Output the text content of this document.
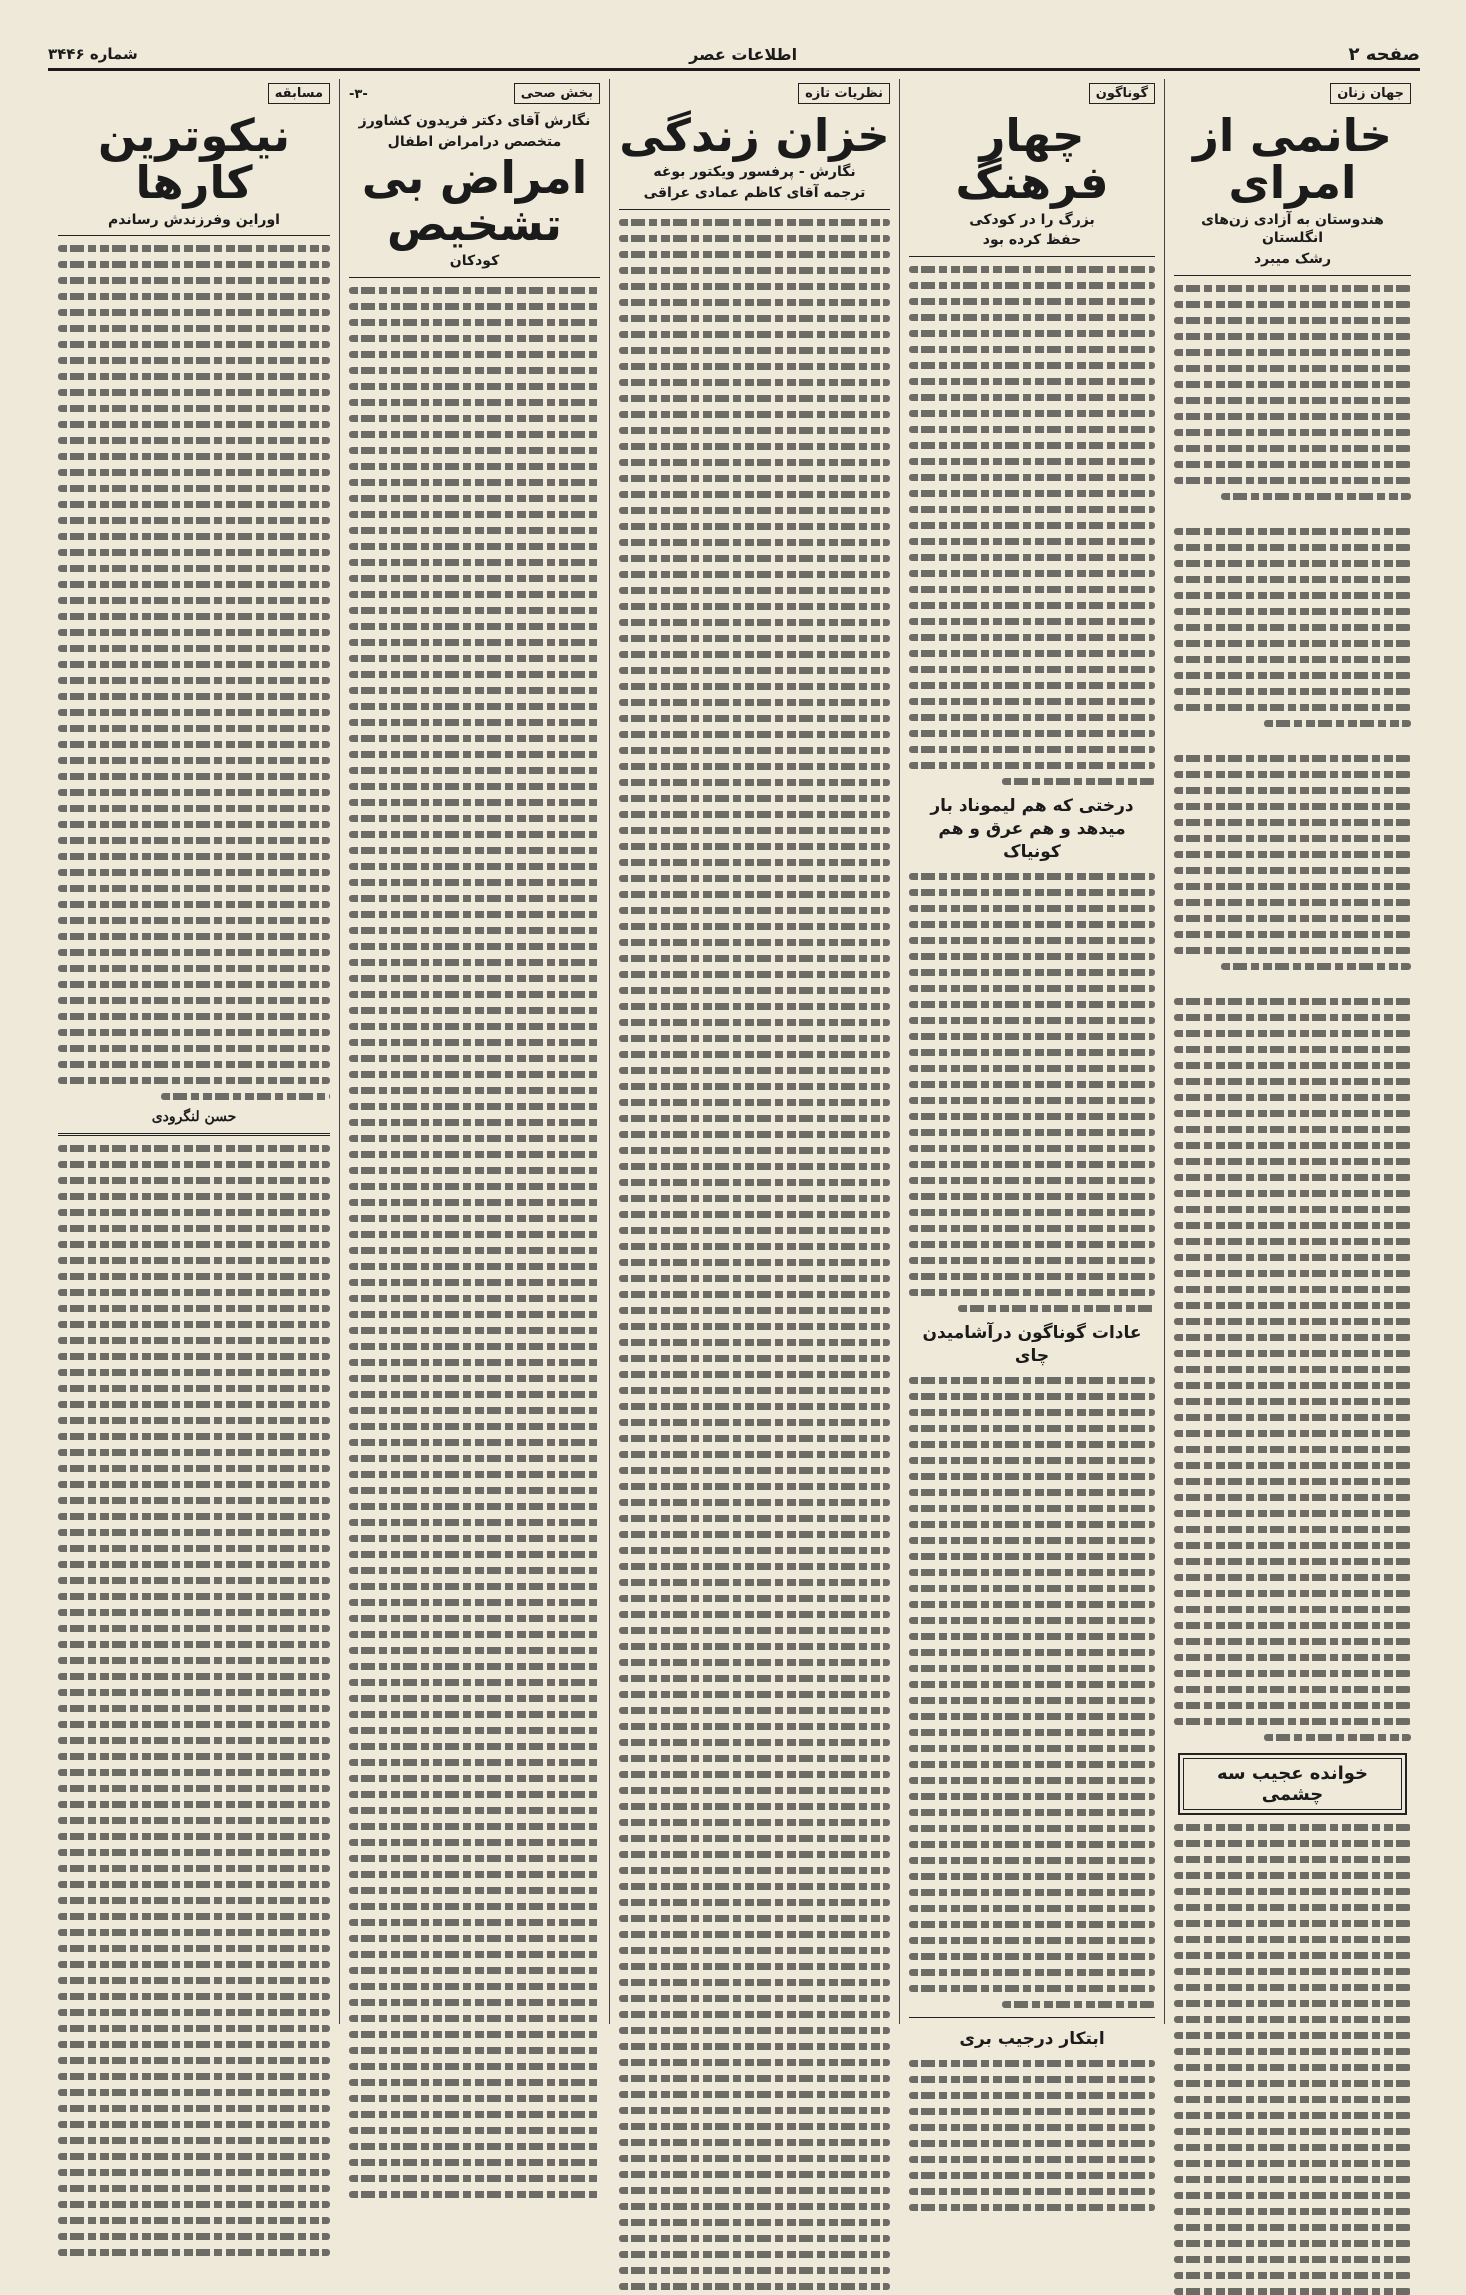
شماره ۳۴۴۶	اطلاعات عصر	صفحه ۲
جهان زنان
خانمی از امرای
هندوستان به آزادی زن‌های انگلستان
رشک میبرد
خوانده عجیب سه چشمی
گوناگون
چهار فرهنگ
بزرگ را در کودکی
حفظ کرده بود
درختی که هم لیموناد بار میدهد و هم عرق و هم کونیاک
عادات گوناگون درآشامیدن چای
ابتکار درجیب بری
نظریات تازه
خزان زندگی
نگارش - پرفسور ویکتور بوغه
ترجمه آقای کاظم عمادی عراقی
بخش صحی
-۳-
نگارش آقای دکتر فریدون کشاورز
متخصص درامراض اطفال
امراض بی تشخیص
کودکان
مسابقه
نیکوترین کارها
اوراین وفرزندش رساندم
حسن لنگرودی
